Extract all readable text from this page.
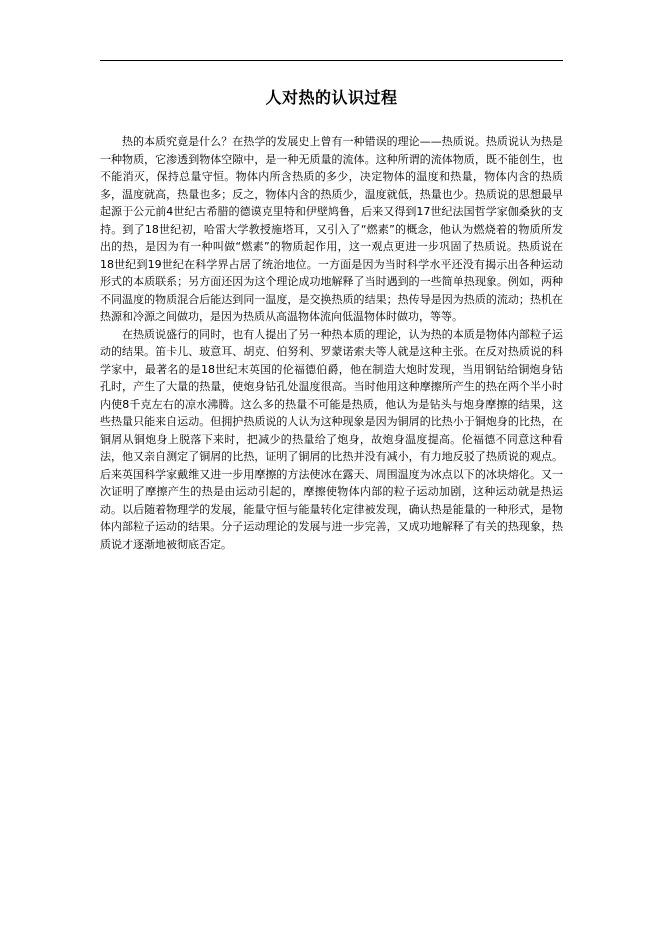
人对热的认识过程

热的本质究竟是什么？在热学的发展史上曾有一种错误的理论——热质说。热质说认为热是一种物质，它渗透到物体空隙中，是一种无质量的流体。这种所谓的流体物质，既不能创生，也不能消灭，保持总量守恒。物体内所含热质的多少，决定物体的温度和热量，物体内含的热质多，温度就高，热量也多；反之，物体内含的热质少，温度就低，热量也少。热质说的思想最早起源于公元前4世纪古希腊的德谟克里特和伊壁鸠鲁，后来又得到17世纪法国哲学家伽桑狄的支持。到了18世纪初，哈雷大学教授施塔耳，又引入了“燃素”的概念，他认为燃烧着的物质所发出的热，是因为有一种叫做“燃素”的物质起作用，这一观点更进一步巩固了热质说。热质说在18世纪到19世纪在科学界占居了统治地位。一方面是因为当时科学水平还没有揭示出各种运动形式的本质联系；另方面还因为这个理论成功地解释了当时遇到的一些简单热现象。例如，两种不同温度的物质混合后能达到同一温度，是交换热质的结果；热传导是因为热质的流动；热机在热源和冷源之间做功，是因为热质从高温物体流向低温物体时做功，等等。

在热质说盛行的同时，也有人提出了另一种热本质的理论，认为热的本质是物体内部粒子运动的结果。笛卡儿、玻意耳、胡克、伯努利、罗蒙诺索夫等人就是这种主张。在反对热质说的科学家中，最著名的是18世纪末英国的伦福德伯爵，他在制造大炮时发现，当用钢钻给铜炮身钻孔时，产生了大量的热量，使炮身钻孔处温度很高。当时他用这种摩擦所产生的热在两个半小时内使8千克左右的凉水沸腾。这么多的热量不可能是热质，他认为是钻头与炮身摩擦的结果，这些热量只能来自运动。但拥护热质说的人认为这种现象是因为铜屑的比热小于铜炮身的比热，在铜屑从铜炮身上脱落下来时，把减少的热量给了炮身，故炮身温度提高。伦福德不同意这种看法，他又亲自测定了铜屑的比热，证明了铜屑的比热并没有减小，有力地反驳了热质说的观点。后来英国科学家戴维又进一步用摩擦的方法使冰在露天、周围温度为冰点以下的冰块熔化。又一次证明了摩擦产生的热是由运动引起的，摩擦使物体内部的粒子运动加剧，这种运动就是热运动。以后随着物理学的发展，能量守恒与能量转化定律被发现，确认热是能量的一种形式，是物体内部粒子运动的结果。分子运动理论的发展与进一步完善，又成功地解释了有关的热现象，热质说才逐渐地被彻底否定。
